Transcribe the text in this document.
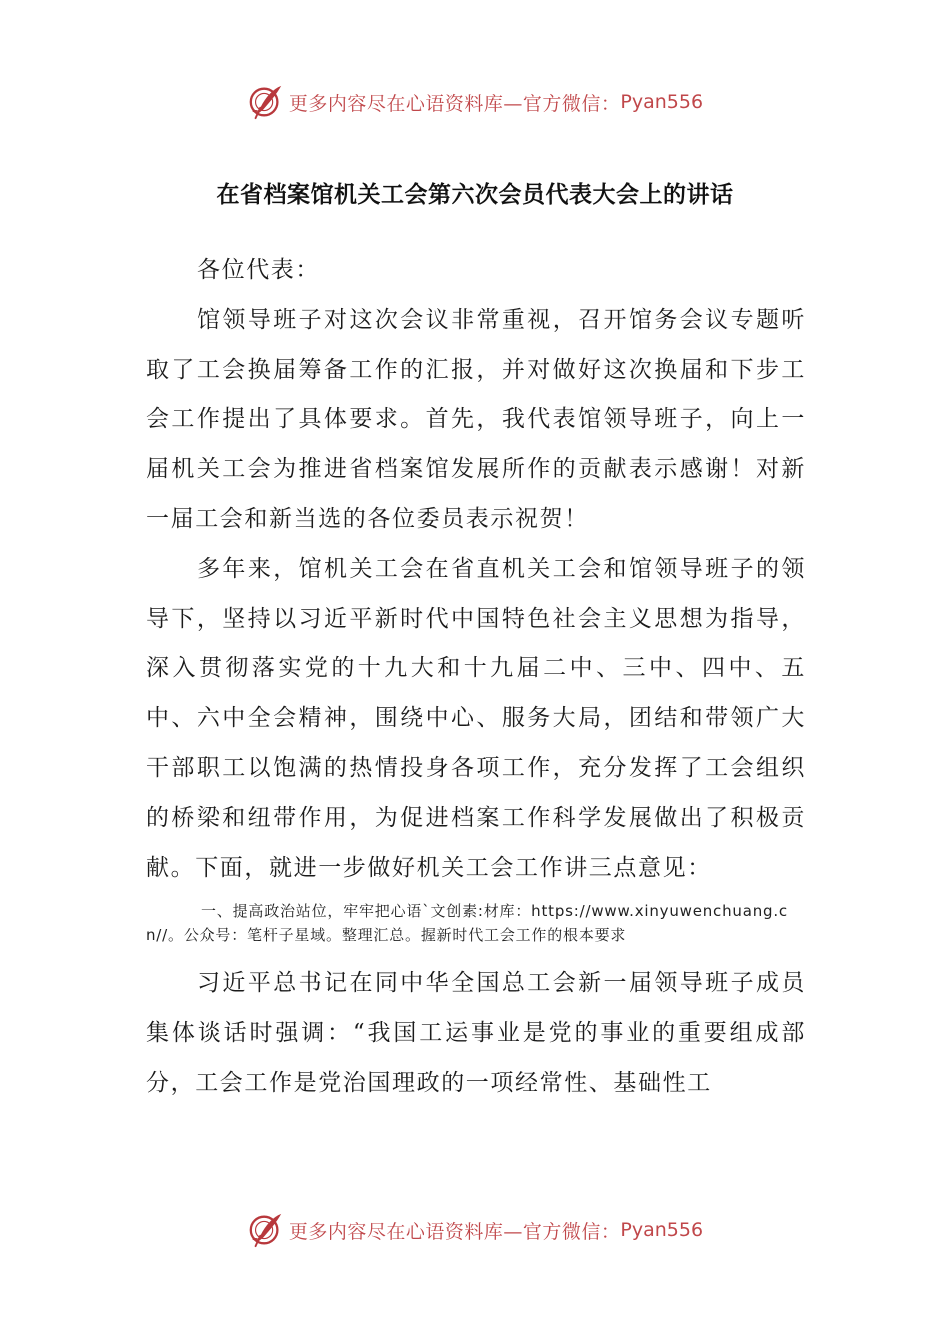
更多内容尽在心语资料库—官方微信： Pyan556
在省档案馆机关工会第六次会员代表大会上的讲话

各位代表：

馆领导班子对这次会议非常重视，召开馆务会议专题听取了工会换届筹备工作的汇报，并对做好这次换届和下步工会工作提出了具体要求。首先，我代表馆领导班子，向上一届机关工会为推进省档案馆发展所作的贡献表示感谢！对新一届工会和新当选的各位委员表示祝贺！

多年来，馆机关工会在省直机关工会和馆领导班子的领导下，坚持以习近平新时代中国特色社会主义思想为指导，深入贯彻落实党的十九大和十九届二中、三中、四中、五中、六中全会精神，围绕中心、服务大局，团结和带领广大干部职工以饱满的热情投身各项工作，充分发挥了工会组织的桥梁和纽带作用，为促进档案工作科学发展做出了积极贡献。下面，就进一步做好机关工会工作讲三点意见：

一、提高政治站位，牢牢把心语`文创素:材库：https://www.xinyuwenchuang.cn//。公众号：笔杆子星域。整理汇总。握新时代工会工作的根本要求

习近平总书记在同中华全国总工会新一届领导班子成员集体谈话时强调：“我国工运事业是党的事业的重要组成部分，工会工作是党治国理政的一项经常性、基础性工

更多内容尽在心语资料库—官方微信： Pyan556
